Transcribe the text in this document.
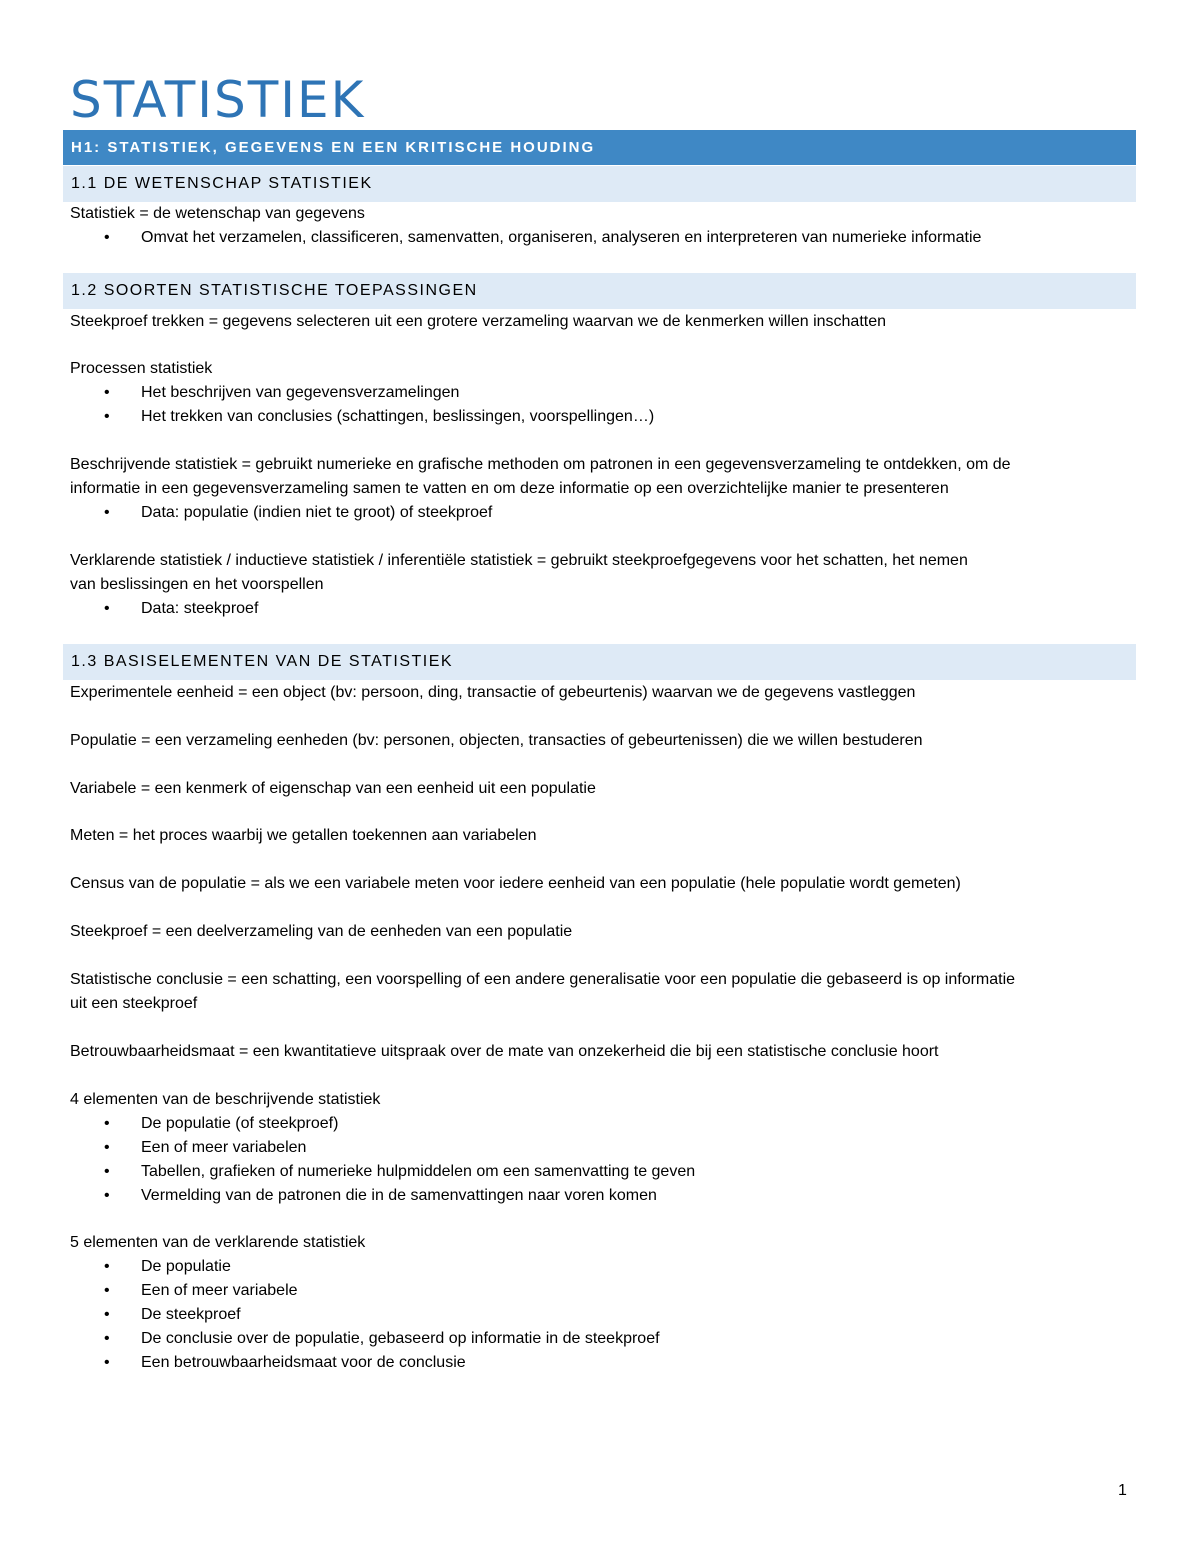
STATISTIEK
H1: STATISTIEK, GEGEVENS EN EEN KRITISCHE HOUDING
1.1 DE WETENSCHAP STATISTIEK
Statistiek = de wetenschap van gegevens
• Omvat het verzamelen, classificeren, samenvatten, organiseren, analyseren en interpreteren van numerieke informatie
1.2 SOORTEN STATISTISCHE TOEPASSINGEN
Steekproef trekken = gegevens selecteren uit een grotere verzameling waarvan we de kenmerken willen inschatten
Processen statistiek
• Het beschrijven van gegevensverzamelingen
• Het trekken van conclusies (schattingen, beslissingen, voorspellingen…)
Beschrijvende statistiek = gebruikt numerieke en grafische methoden om patronen in een gegevensverzameling te ontdekken, om de
informatie in een gegevensverzameling samen te vatten en om deze informatie op een overzichtelijke manier te presenteren
• Data: populatie (indien niet te groot) of steekproef
Verklarende statistiek / inductieve statistiek / inferentiële statistiek = gebruikt steekproefgegevens voor het schatten, het nemen
van beslissingen en het voorspellen
• Data: steekproef
1.3 BASISELEMENTEN VAN DE STATISTIEK
Experimentele eenheid = een object (bv: persoon, ding, transactie of gebeurtenis) waarvan we de gegevens vastleggen
Populatie = een verzameling eenheden (bv: personen, objecten, transacties of gebeurtenissen) die we willen bestuderen
Variabele = een kenmerk of eigenschap van een eenheid uit een populatie
Meten = het proces waarbij we getallen toekennen aan variabelen
Census van de populatie = als we een variabele meten voor iedere eenheid van een populatie (hele populatie wordt gemeten)
Steekproef = een deelverzameling van de eenheden van een populatie
Statistische conclusie = een schatting, een voorspelling of een andere generalisatie voor een populatie die gebaseerd is op informatie
uit een steekproef
Betrouwbaarheidsmaat = een kwantitatieve uitspraak over de mate van onzekerheid die bij een statistische conclusie hoort
4 elementen van de beschrijvende statistiek
• De populatie (of steekproef)
• Een of meer variabelen
• Tabellen, grafieken of numerieke hulpmiddelen om een samenvatting te geven
• Vermelding van de patronen die in de samenvattingen naar voren komen
5 elementen van de verklarende statistiek
• De populatie
• Een of meer variabele
• De steekproef
• De conclusie over de populatie, gebaseerd op informatie in de steekproef
• Een betrouwbaarheidsmaat voor de conclusie
1
